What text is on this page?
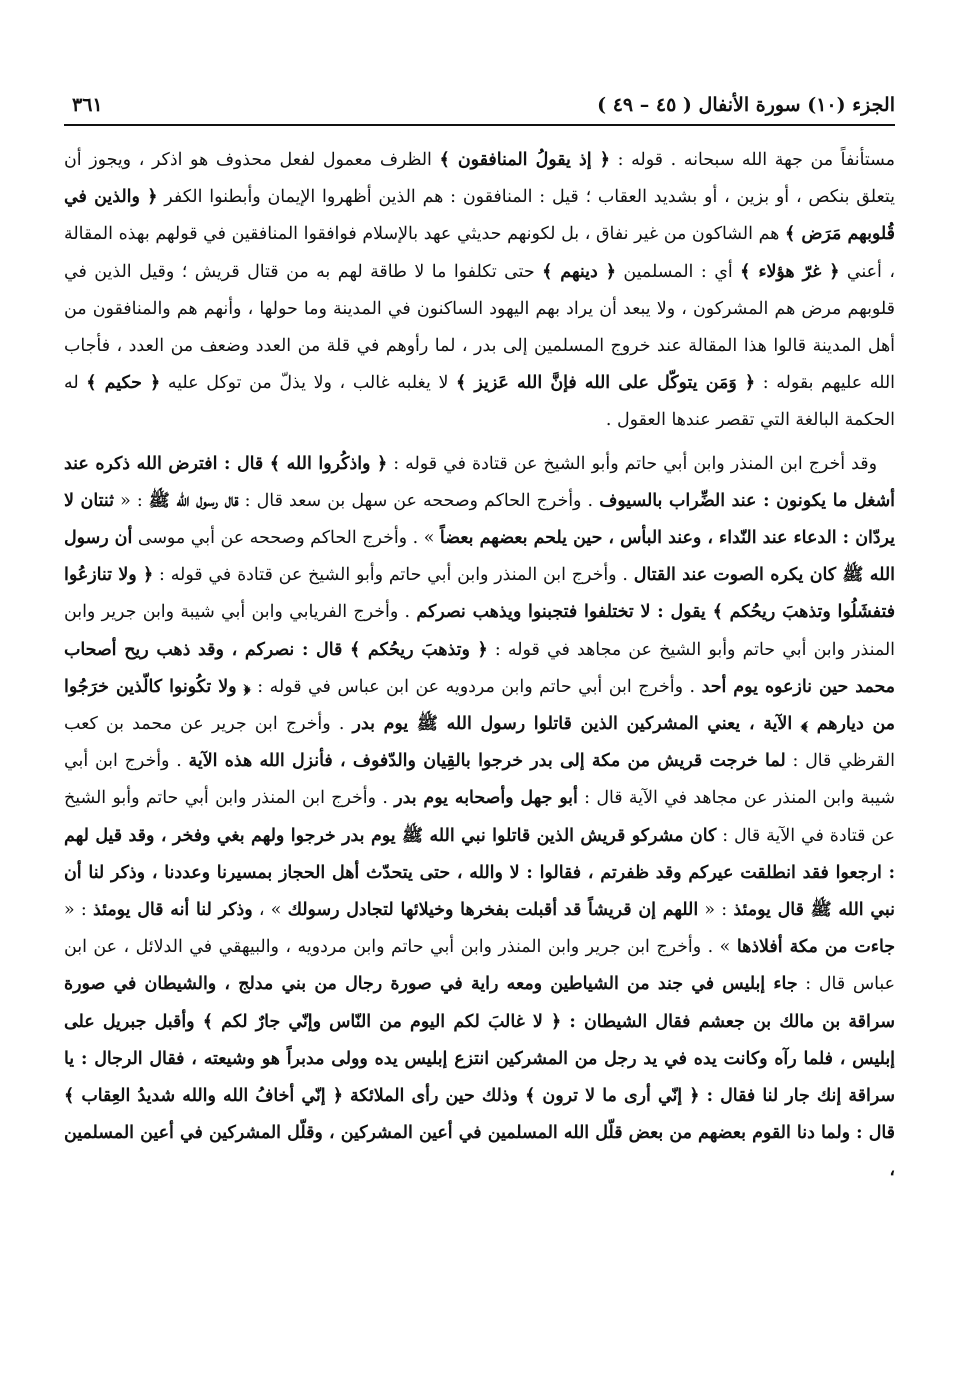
الجزء (١٠) سورة الأنفال ( ٤٥ – ٤٩ )
٣٦١

مستأنفاً من جهة الله سبحانه . قوله : ﴿ إذ يقولُ المنافقون ﴾ الظرف معمول لفعل محذوف هو اذكر ، ويجوز أن يتعلق بنكص ، أو بزين ، أو بشديد العقاب ؛ قيل : المنافقون : هم الذين أظهروا الإيمان وأبطنوا الكفر ﴿ والذين في قُلوبهم مَرَض ﴾ هم الشاكون من غير نفاق ، بل لكونهم حديثي عهد بالإسلام فوافقوا المنافقين في قولهم بهذه المقالة ، أعني ﴿ غرّ هؤلاء ﴾ أي : المسلمين ﴿ دينهم ﴾ حتى تكلفوا ما لا طاقة لهم به من قتال قريش ؛ وقيل الذين في قلوبهم مرض هم المشركون ، ولا يبعد أن يراد بهم اليهود الساكنون في المدينة وما حولها ، وأنهم هم والمنافقون من أهل المدينة قالوا هذا المقالة عند خروج المسلمين إلى بدر ، لما رأوهم في قلة من العدد وضعف من العدد ، فأجاب الله عليهم بقوله : ﴿ وَمَن يتوكّل على الله فإنَّ الله عَزيز ﴾ لا يغلبه غالب ، ولا يذلّ من توكل عليه ﴿ حكيم ﴾ له الحكمة البالغة التي تقصر عندها العقول .

وقد أخرج ابن المنذر وابن أبي حاتم وأبو الشيخ عن قتادة في قوله : ﴿ واذكُروا الله ﴾ قال : افترض الله ذكره عند أشغل ما يكونون : عند الضِّراب بالسيوف . وأخرج الحاكم وصححه عن سهل بن سعد قال : قال رسول الله ﷺ : « ثنتان لا يردّان : الدعاء عند النّداء ، وعند البأس ، حين يلحم بعضهم بعضاً » . وأخرج الحاكم وصححه عن أبي موسى أن رسول الله ﷺ كان يكره الصوت عند القتال . وأخرج ابن المنذر وابن أبي حاتم وأبو الشيخ عن قتادة في قوله : ﴿ ولا تنازعُوا فتفشَلُوا وتذهبَ ريحُكم ﴾ يقول : لا تختلفوا فتجبنوا ويذهب نصركم . وأخرج الفريابي وابن أبي شيبة وابن جرير وابن المنذر وابن أبي حاتم وأبو الشيخ عن مجاهد في قوله : ﴿ وتذهبَ ريحُكم ﴾ قال : نصركم ، وقد ذهب ريح أصحاب محمد حين نازعوه يوم أحد . وأخرج ابن أبي حاتم وابن مردويه عن ابن عباس في قوله : ﴿ ولا تكُونوا كالّذين خرَجُوا من ديارهم ﴾ الآية ، يعني المشركين الذين قاتلوا رسول الله ﷺ يوم بدر . وأخرج ابن جرير عن محمد بن كعب القرظي قال : لما خرجت قريش من مكة إلى بدر خرجوا بالقِيان والدّفوف ، فأنزل الله هذه الآية . وأخرج ابن أبي شيبة وابن المنذر عن مجاهد في الآية قال : أبو جهل وأصحابه يوم بدر . وأخرج ابن المنذر وابن أبي حاتم وأبو الشيخ عن قتادة في الآية قال : كان مشركو قريش الذين قاتلوا نبي الله ﷺ يوم بدر خرجوا ولهم بغي وفخر ، وقد قيل لهم : ارجعوا فقد انطلقت عيركم وقد ظفرتم ، فقالوا : لا والله ، حتى يتحدّث أهل الحجاز بمسيرنا وعددنا ، وذكر لنا أن نبي الله ﷺ قال يومئذ : « اللهم إن قريشاً قد أقبلت بفخرها وخيلائها لتجادل رسولك » ، وذكر لنا أنه قال يومئذ : « جاءت من مكة أفلاذها » . وأخرج ابن جرير وابن المنذر وابن أبي حاتم وابن مردويه ، والبيهقي في الدلائل ، عن ابن عباس قال : جاء إبليس في جند من الشياطين ومعه راية في صورة رجال من بني مدلج ، والشيطان في صورة سراقة بن مالك بن جعشم فقال الشيطان : ﴿ لا غالبَ لكم اليوم من النّاس وإنّي جارٌ لكم ﴾ وأقبل جبريل على إبليس ، فلما رآه وكانت يده في يد رجل من المشركين انتزع إبليس يده وولى مدبراً هو وشيعته ، فقال الرجال : يا سراقة إنك جار لنا فقال : ﴿ إنّي أرى ما لا ترون ﴾ وذلك حين رأى الملائكة ﴿ إنّي أخافُ الله والله شديدُ العِقاب ﴾ قال : ولما دنا القوم بعضهم من بعض قلّل الله المسلمين في أعين المشركين ، وقلّل المشركين في أعين المسلمين ،
